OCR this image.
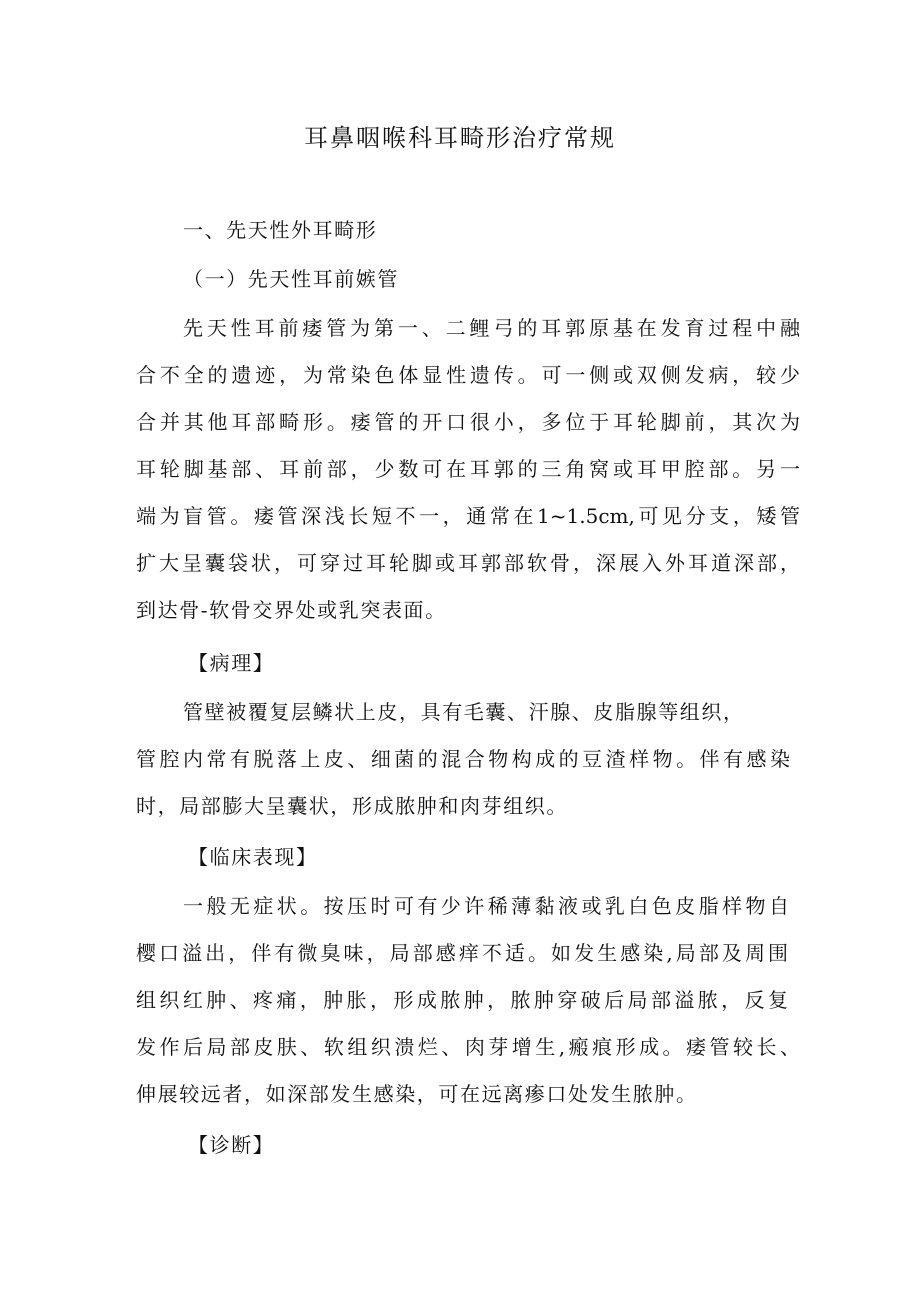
耳鼻咽喉科耳畸形治疗常规

一、先天性外耳畸形

（一）先天性耳前嫉管

先天性耳前痿管为第一、二鲤弓的耳郭原基在发育过程中融

合不全的遗迹，为常染色体显性遗传。可一侧或双侧发病，较少

合并其他耳部畸形。痿管的开口很小，多位于耳轮脚前，其次为

耳轮脚基部、耳前部，少数可在耳郭的三角窝或耳甲腔部。另一

端为盲管。痿管深浅长短不一，通常在1~1.5cm,可见分支，矮管

扩大呈囊袋状，可穿过耳轮脚或耳郭部软骨，深展入外耳道深部，

到达骨-软骨交界处或乳突表面。

【病理】

管壁被覆复层鳞状上皮，具有毛囊、汗腺、皮脂腺等组织，

管腔内常有脱落上皮、细菌的混合物构成的豆渣样物。伴有感染

时，局部膨大呈囊状，形成脓肿和肉芽组织。

【临床表现】

一般无症状。按压时可有少许稀薄黏液或乳白色皮脂样物自

樱口溢出，伴有微臭味，局部感痒不适。如发生感染,局部及周围

组织红肿、疼痛，肿胀，形成脓肿，脓肿穿破后局部溢脓，反复

发作后局部皮肤、软组织溃烂、肉芽增生,瘢痕形成。痿管较长、

伸展较远者，如深部发生感染，可在远离瘆口处发生脓肿。

【诊断】
